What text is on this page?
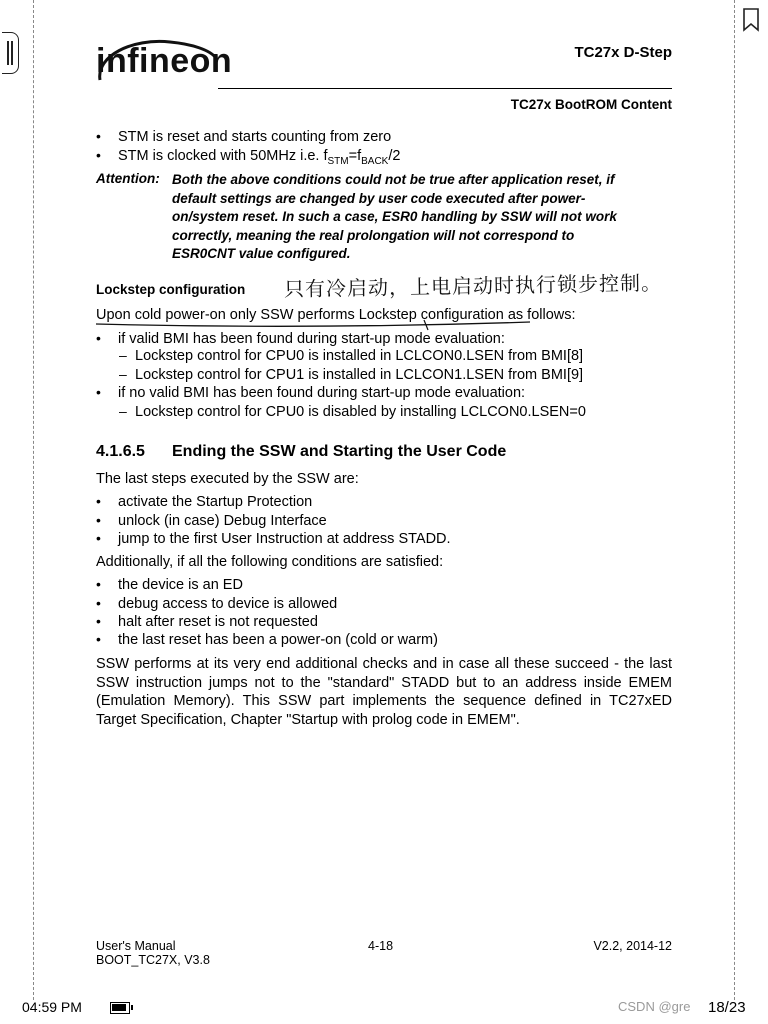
infineon	TC27x D-Step
TC27x BootROM Content
• STM is reset and starts counting from zero
• STM is clocked with 50MHz i.e. $f_{STM}=f_{BACK}/2$
Attention: Both the above conditions could not be true after application reset, if
default settings are changed by user code executed after power-
on/system reset. In such a case, ESR0 handling by SSW will not work
correctly, meaning the real prolongation will not correspond to
ESR0CNT value configured.
Lockstep configuration 只有冷启动，上电启动时执行锁步控制。
Upon cold power-on only SSW performs Lockstep configuration as follows:
• if valid BMI has been found during start-up mode evaluation:
– Lockstep control for CPU0 is installed in LCLCON0.LSEN from BMI[8]
– Lockstep control for CPU1 is installed in LCLCON1.LSEN from BMI[9]
• if no valid BMI has been found during start-up mode evaluation:
– Lockstep control for CPU0 is disabled by installing LCLCON0.LSEN=0
4.1.6.5 Ending the SSW and Starting the User Code
The last steps executed by the SSW are:
• activate the Startup Protection
• unlock (in case) Debug Interface
• jump to the first User Instruction at address STADD.
Additionally, if all the following conditions are satisfied:
• the device is an ED
• debug access to device is allowed
• halt after reset is not requested
• the last reset has been a power-on (cold or warm)
SSW performs at its very end additional checks and in case all these succeed - the last
SSW instruction jumps not to the "standard" STADD but to an address inside EMEM
(Emulation Memory). This SSW part implements the sequence defined in TC27xED
Target Specification, Chapter "Startup with prolog code in EMEM".
User's Manual
BOOT_TC27X, V3.8
4-18	V2.2, 2014-12
04:59 PM	CSDN @gre 18/23
